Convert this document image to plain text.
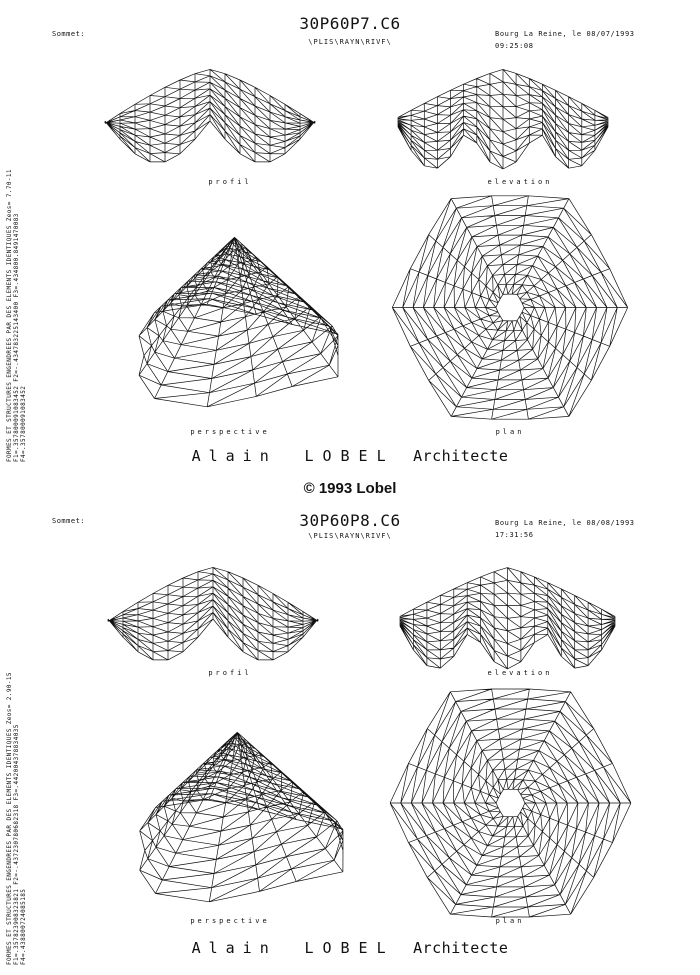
Sommet:
30P60P7.C6
\PLIS\RAYN\RIVF\
Bourg La Reine, le 08/07/1993
09:25:08
FORMES ET STRUCTURES ENGENDREES PAR DES ELEMENTS IDENTIQUES Zeos= 7.70-11 F1=.357800091083452 F2=-.434783225143400 F3=.434800.8491470083 F4=.357800091083452
profil	elevation
perspective	plan
Alain LOBEL Architecte
© 1993 Lobel
Sommet:	30P60P8.C6
\PLIS\RAYN\RIVF\
Bourg La Reine, le 08/08/1993
17:31:56
FORMES ET STRUCTURES ENGENDREES PAR DES ELEMENTS IDENTIQUES Zeos= 2.90-15 F1=.357823908323821 F2=-.437230780682318 F3=.442004378834035 F4=.438800724085185
profil	elevation
perspective	plan
Alain LOBEL Architecte
